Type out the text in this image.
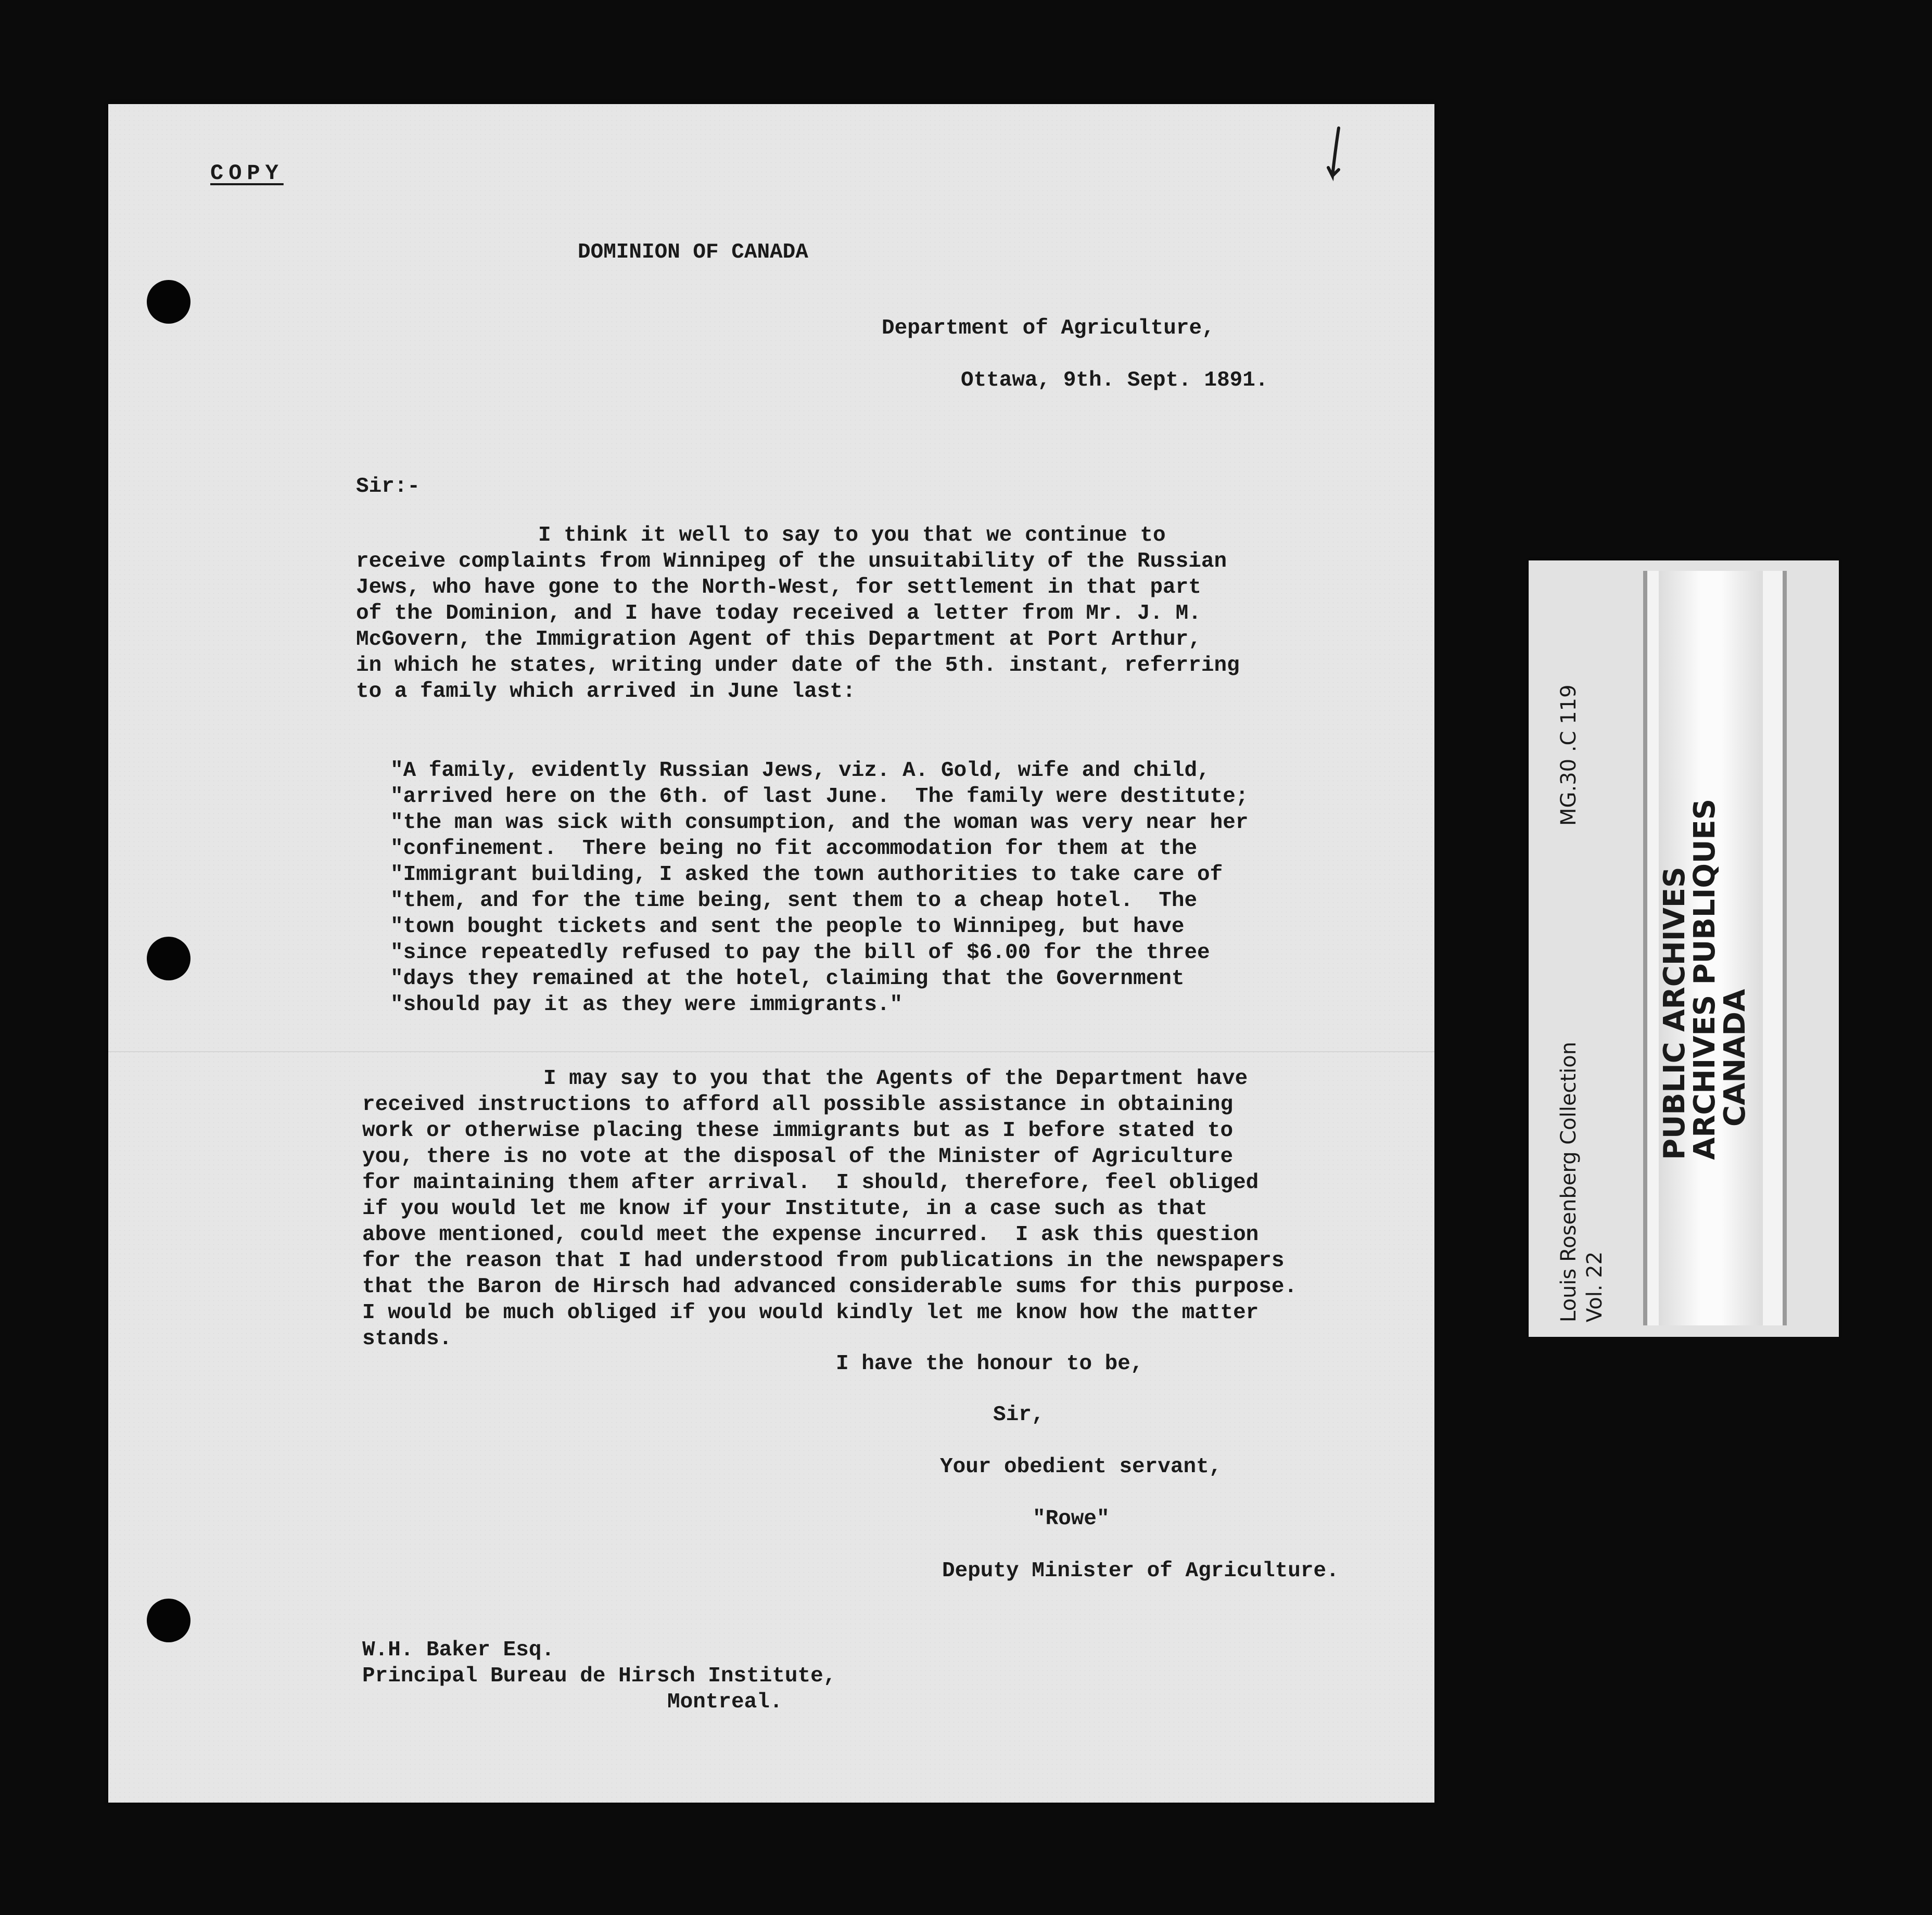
COPY
DOMINION OF CANADA
Department of Agriculture,
Ottawa, 9th. Sept. 1891.
Sir:-
I think it well to say to you that we continue to
receive complaints from Winnipeg of the unsuitability of the Russian
Jews, who have gone to the North-West, for settlement in that part
of the Dominion, and I have today received a letter from Mr. J. M.
McGovern, the Immigration Agent of this Department at Port Arthur,
in which he states, writing under date of the 5th. instant, referring
to a family which arrived in June last:
"A family, evidently Russian Jews, viz. A. Gold, wife and child,
"arrived here on the 6th. of last June.  The family were destitute;
"the man was sick with consumption, and the woman was very near her
"confinement.  There being no fit accommodation for them at the
"Immigrant building, I asked the town authorities to take care of
"them, and for the time being, sent them to a cheap hotel.  The
"town bought tickets and sent the people to Winnipeg, but have
"since repeatedly refused to pay the bill of $6.00 for the three
"days they remained at the hotel, claiming that the Government
"should pay it as they were immigrants."
I may say to you that the Agents of the Department have
received instructions to afford all possible assistance in obtaining
work or otherwise placing these immigrants but as I before stated to
you, there is no vote at the disposal of the Minister of Agriculture
for maintaining them after arrival.  I should, therefore, feel obliged
if you would let me know if your Institute, in a case such as that
above mentioned, could meet the expense incurred.  I ask this question
for the reason that I had understood from publications in the newspapers
that the Baron de Hirsch had advanced considerable sums for this purpose.
I would be much obliged if you would kindly let me know how the matter
stands.
I have the honour to be,
Sir,
Your obedient servant,
"Rowe"
Deputy Minister of Agriculture.
W.H. Baker Esq.
Principal Bureau de Hirsch Institute,
Montreal.
Louis Rosenberg Collection
MG.30 .C 119
Vol. 22
PUBLIC ARCHIVES
ARCHIVES PUBLIQUES
CANADA
